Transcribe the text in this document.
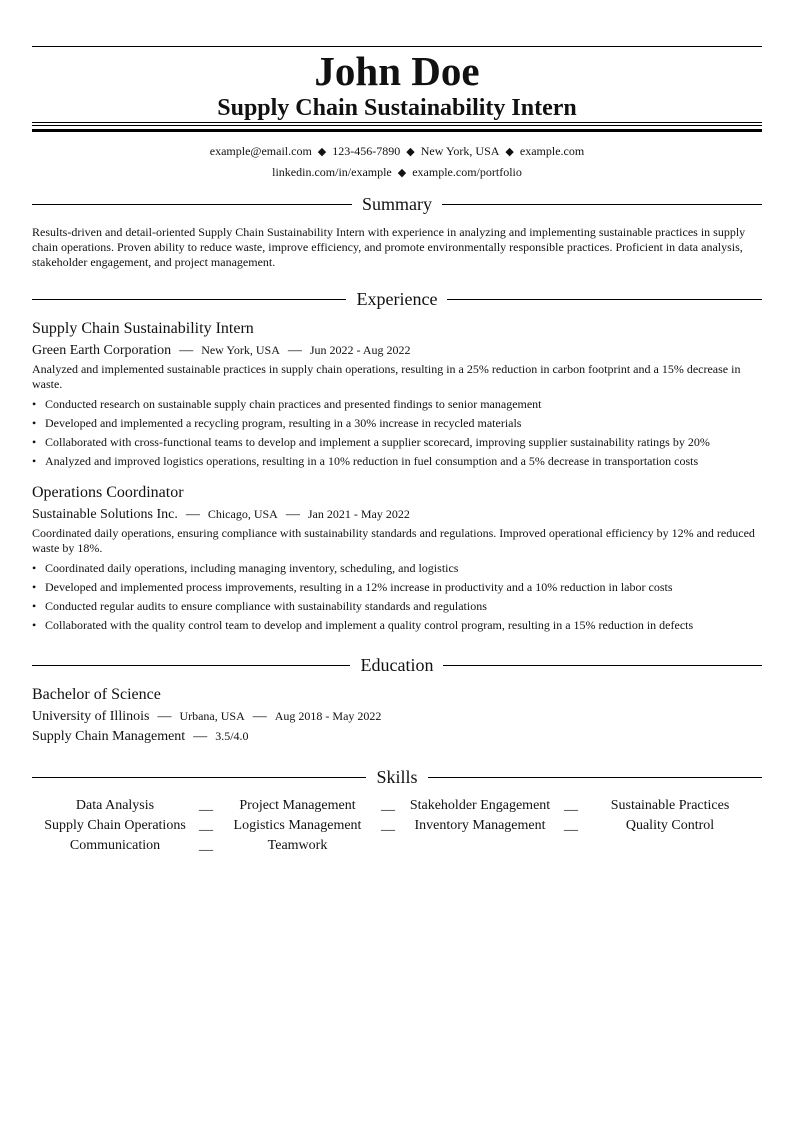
John Doe
Supply Chain Sustainability Intern
example@email.com ◆ 123-456-7890 ◆ New York, USA ◆ example.com
linkedin.com/in/example ◆ example.com/portfolio
Summary
Results-driven and detail-oriented Supply Chain Sustainability Intern with experience in analyzing and implementing sustainable practices in supply chain operations. Proven ability to reduce waste, improve efficiency, and promote environmentally responsible practices. Proficient in data analysis, stakeholder engagement, and project management.
Experience
Supply Chain Sustainability Intern
Green Earth Corporation — New York, USA — Jun 2022 - Aug 2022
Analyzed and implemented sustainable practices in supply chain operations, resulting in a 25% reduction in carbon footprint and a 15% decrease in waste.
• Conducted research on sustainable supply chain practices and presented findings to senior management
• Developed and implemented a recycling program, resulting in a 30% increase in recycled materials
• Collaborated with cross-functional teams to develop and implement a supplier scorecard, improving supplier sustainability ratings by 20%
• Analyzed and improved logistics operations, resulting in a 10% reduction in fuel consumption and a 5% decrease in transportation costs
Operations Coordinator
Sustainable Solutions Inc. — Chicago, USA — Jan 2021 - May 2022
Coordinated daily operations, ensuring compliance with sustainability standards and regulations. Improved operational efficiency by 12% and reduced waste by 18%.
• Coordinated daily operations, including managing inventory, scheduling, and logistics
• Developed and implemented process improvements, resulting in a 12% increase in productivity and a 10% reduction in labor costs
• Conducted regular audits to ensure compliance with sustainability standards and regulations
• Collaborated with the quality control team to develop and implement a quality control program, resulting in a 15% reduction in defects
Education
Bachelor of Science
University of Illinois — Urbana, USA — Aug 2018 - May 2022
Supply Chain Management — 3.5/4.0
Skills
Data Analysis	__	Project Management	__	Stakeholder Engagement __	Sustainable Practices
Supply Chain Operations __	Logistics Management	__	Inventory Management	__	Quality Control
Communication	__	Teamwork
